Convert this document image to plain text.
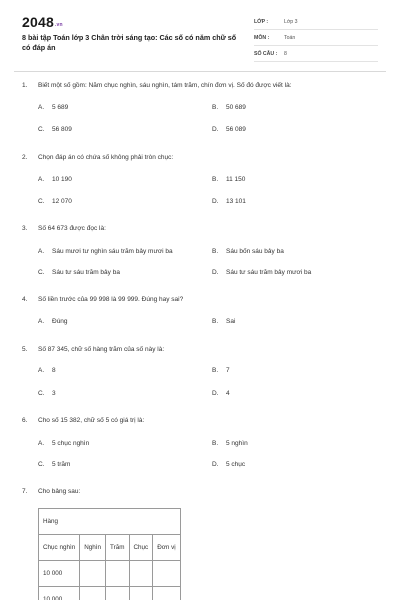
$2048^{.vn}$
8 bài tập Toán lớp 3 Chân trời sáng tạo: Các số có năm chữ số có đáp án
LỚP :	Lớp 3
MÔN :	Toán
SỐ CÂU :	8
1.	Biết một số gồm: Năm chục nghìn, sáu nghìn, tám trăm, chín đơn vị. Số đó được viết là:
A. 5 689	B. 50 689
C. 56 809	D. 56 089
2.	Chọn đáp án có chứa số không phải tròn chục:
A. 10 190	B. 11 150
C. 12 070	D. 13 101
3.	Số 64 673 được đọc là:
A. Sáu mươi tư nghìn sáu trăm bảy mươi ba	B. Sáu bốn sáu bảy ba
C. Sáu tư sáu trăm bảy ba	D. Sáu tư sáu trăm bảy mươi ba
4.	Số liền trước của 99 998 là 99 999. Đúng hay sai?
A. Đúng	B. Sai
5.	Số 87 345, chữ số hàng trăm của số này là:
A. 8	B. 7
C. 3	D. 4
6.	Cho số 15 382, chữ số 5 có giá trị là:
A. 5 chục nghìn	B. 5 nghìn
C. 5 trăm	D. 5 chục
7.	Cho bảng sau:
Hàng				
Chục nghìn	Nghìn	Trăm	Chục	Đơn vị
10 000				
10 000				
